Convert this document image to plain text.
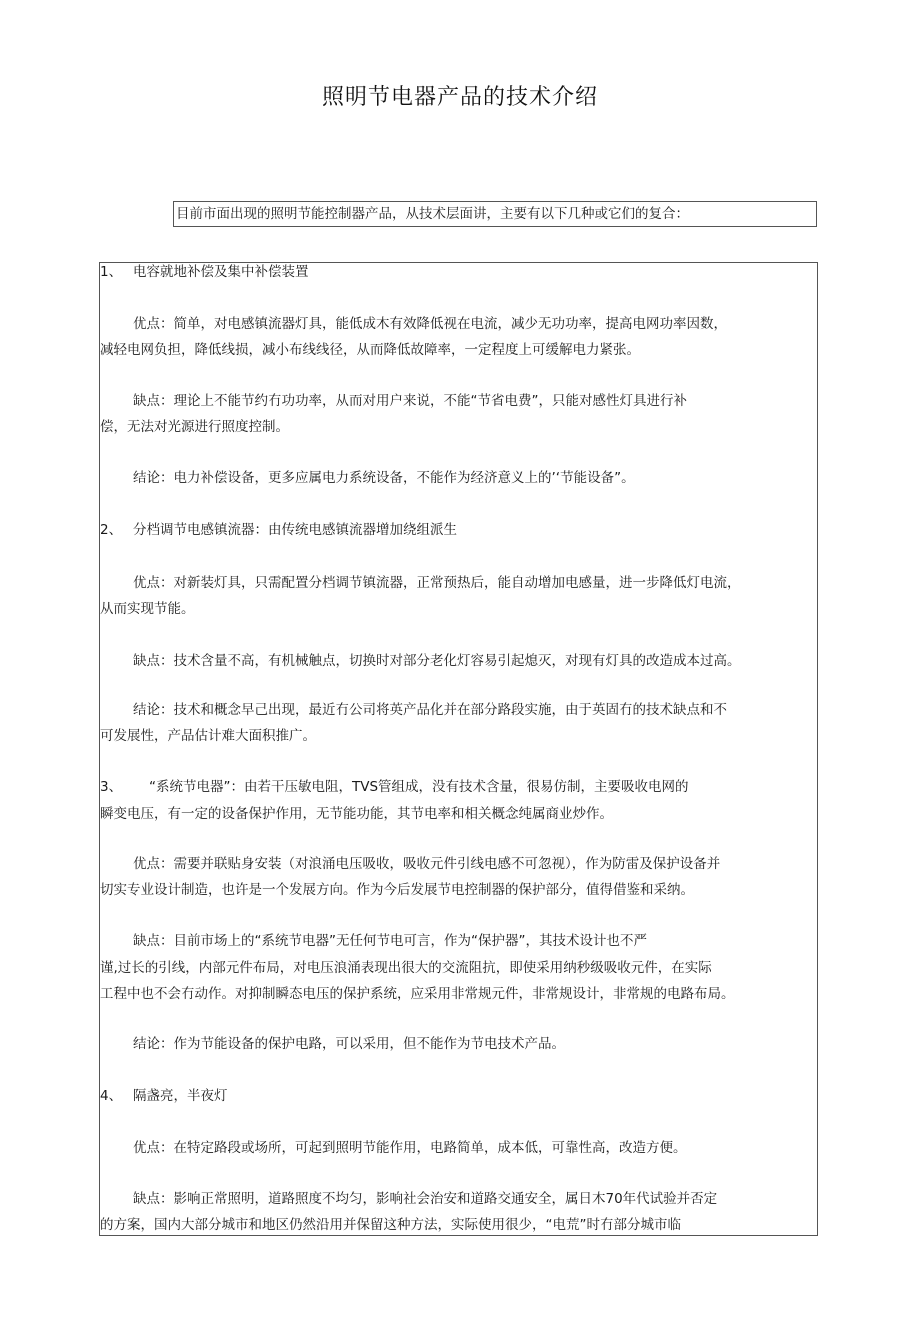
照明节电器产品的技术介绍
目前市面出现的照明节能控制器产品，从技术层面讲，主要有以下几种或它们的复合：
1、 电容就地补偿及集中补偿装置
优点：简单，对电感镇流器灯具，能低成木有效降低视在电流，减少无功功率，提高电网功率因数，
减轻电网负担，降低线损，减小布线线径，从而降低故障率，一定程度上可缓解电力紧张。
缺点：理论上不能节约冇功功率，从而对用户来说，不能“节省电费”，只能对感性灯具进行补
偿，无法对光源进行照度控制。
结论：电力补偿设备，更多应属电力系统设备，不能作为经济意义上的’‘节能设备”。
2、 分档调节电感镇流器：由传统电感镇流器增加绕组派生
优点：对新装灯具，只需配置分档调节镇流器，正常预热后，能自动增加电感量，进一步降低灯电流，
从而实现节能。
缺点：技术含量不高，有机械触点，切换时对部分老化灯容易引起熄灭，对现有灯具的改造成本过高。
结论：技术和概念早己出现，最近冇公司将英产品化并在部分路段实施，由于英固冇的技术缺点和不
可发展性，产品估计难大面积推广。
3、 “系统节电器”：由若干压敏电阻，TVS管组成，没有技术含量，很易仿制，主要吸收电网的
瞬变电压，有一定的设备保护作用，无节能功能，其节电率和相关概念纯属商业炒作。
优点：需要并联贴身安装（对浪涌电压吸收，吸收元件引线电感不可忽视），作为防雷及保护设备并
切实专业设计制造，也许是一个发展方向。作为今后发展节电控制器的保护部分，值得借鉴和采纳。
缺点：目前市场上的“系统节电器”无任何节电可言，作为“保护器”，其技术设计也不严
谨,过长的引线，内部元件布局，对电压浪涌表现出很大的交流阻抗，即使采用纳秒级吸收元件，在实际
工程中也不会冇动作。对抑制瞬态电压的保护系统，应采用非常规元件，非常规设计，非常规的电路布局。
结论：作为节能设备的保护电路，可以采用，但不能作为节电技术产品。
4、 隔盏亮，半夜灯
优点：在特定路段或场所，可起到照明节能作用，电路简单，成本低，可靠性高，改造方便。
缺点：影响正常照明，道路照度不均匀，影响社会治安和道路交通安全，属日木70年代试验并否定
的方案，国内大部分城市和地区仍然沿用并保留这种方法，实际使用很少，“电荒”时冇部分城市临
